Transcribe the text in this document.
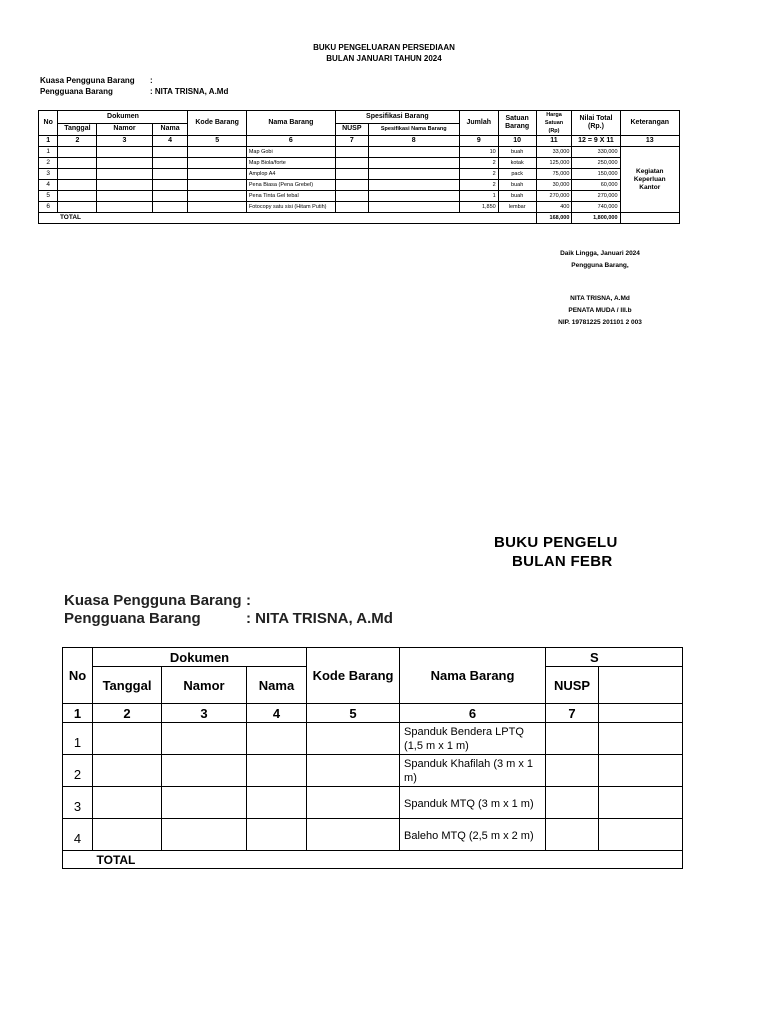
BUKU PENGELUARAN PERSEDIAAN
BULAN JANUARI TAHUN 2024
Kuasa Pengguna Barang :
Pengguana Barang	: NITA TRISNA, A.Md
No	Dokumen			Kode Barang	Nama Barang	Spesifikasi Barang		Jumlah	Satuan Barang	Harga Satuan (Rp)	Nilai Total (Rp.)	Keterangan
	Tanggal	Namor	Nama			NUSP	Spesifikasi Nama Barang					
1	2	3	4	5	6	7	8	9	10	11	12 = 9 X 11	13
1					Map Gobi			10	buah	33,000	330,000	Kegiatan Keperluan Kantor
2					Map Biola/forte			2	kotak	125,000	250,000	
3					Amplop A4			2	pack	75,000	150,000	
4					Pena Biasa (Pena Grebel)			2	buah	30,000	60,000	
5					Pena Tinta Gel tebal			1	buah	270,000	270,000	
6					Fotocopy satu sisi (Hitam Putih)			1,850	lembar	400	740,000	
	TOTAL									168,000	1,800,000	
Daik Lingga, Januari 2024
Pengguna Barang,
NITA TRISNA, A.Md
PENATA MUDA / III.b
NIP. 19781225 201101 2 003
BUKU PENGELU
BULAN FEBR
Kuasa Pengguna Barang :
Pengguana Barang	: NITA TRISNA, A.Md
No	Dokumen			Kode Barang	Nama Barang	S	
	Tanggal	Namor	Nama			NUSP	
1	2	3	4	5	6	7	
1					Spanduk Bendera LPTQ (1,5 m x 1 m)		
2					Spanduk Khafilah (3 m x 1 m)		
3					Spanduk MTQ (3 m x 1 m)		
4					Baleho MTQ (2,5 m x 2 m)		
	TOTAL						
